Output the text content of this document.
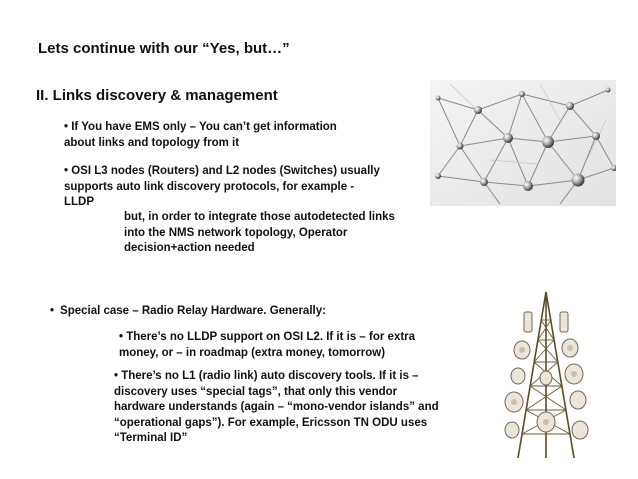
Lets continue with our “Yes, but…”
II. Links discovery & management
• If You have EMS only – You can’t get information
about links and topology from it
• OSI L3 nodes (Routers) and L2 nodes (Switches) usually
supports auto link discovery protocols, for example -
LLDP
but, in order to integrate those autodetected links
into the NMS network topology, Operator
decision+action needed
• Special case – Radio Relay Hardware. Generally:
• There’s no LLDP support on OSI L2. If it is – for extra
money, or – in roadmap (extra money, tomorrow)
• There’s no L1 (radio link) auto discovery tools. If it is –
discovery uses “special tags”, that only this vendor
hardware understands (again – “mono-vendor islands” and
“operational gaps”). For example, Ericsson TN ODU uses
“Terminal ID”
